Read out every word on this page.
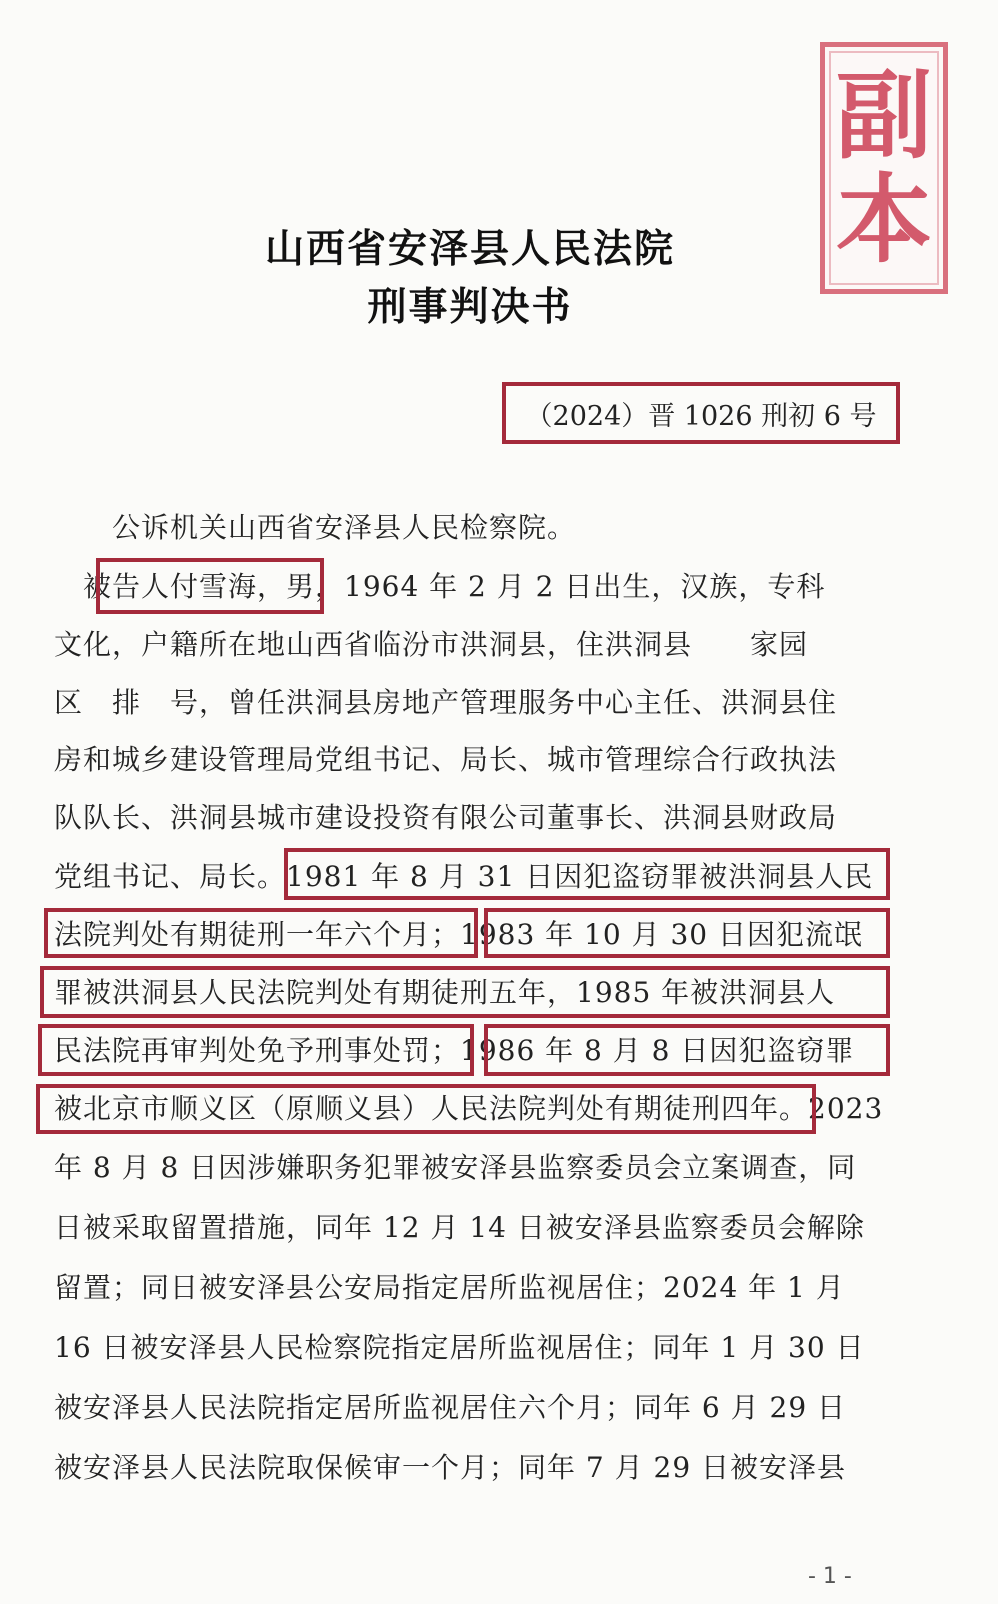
副
本
山西省安泽县人民法院
刑事判决书
（2024）晋 1026 刑初 6 号
　　公诉机关山西省安泽县人民检察院。
　被告人付雪海，男，1964 年 2 月 2 日出生，汉族，专科
文化，户籍所在地山西省临汾市洪洞县，住洪洞县　　家园
区　排　号，曾任洪洞县房地产管理服务中心主任、洪洞县住
房和城乡建设管理局党组书记、局长、城市管理综合行政执法
队队长、洪洞县城市建设投资有限公司董事长、洪洞县财政局
党组书记、局长。1981 年 8 月 31 日因犯盗窃罪被洪洞县人民
法院判处有期徒刑一年六个月；1983 年 10 月 30 日因犯流氓
罪被洪洞县人民法院判处有期徒刑五年，1985 年被洪洞县人
民法院再审判处免予刑事处罚；1986 年 8 月 8 日因犯盗窃罪
被北京市顺义区（原顺义县）人民法院判处有期徒刑四年。2023
年 8 月 8 日因涉嫌职务犯罪被安泽县监察委员会立案调查，同
日被采取留置措施，同年 12 月 14 日被安泽县监察委员会解除
留置；同日被安泽县公安局指定居所监视居住；2024 年 1 月
16 日被安泽县人民检察院指定居所监视居住；同年 1 月 30 日
被安泽县人民法院指定居所监视居住六个月；同年 6 月 29 日
被安泽县人民法院取保候审一个月；同年 7 月 29 日被安泽县
- 1 -
